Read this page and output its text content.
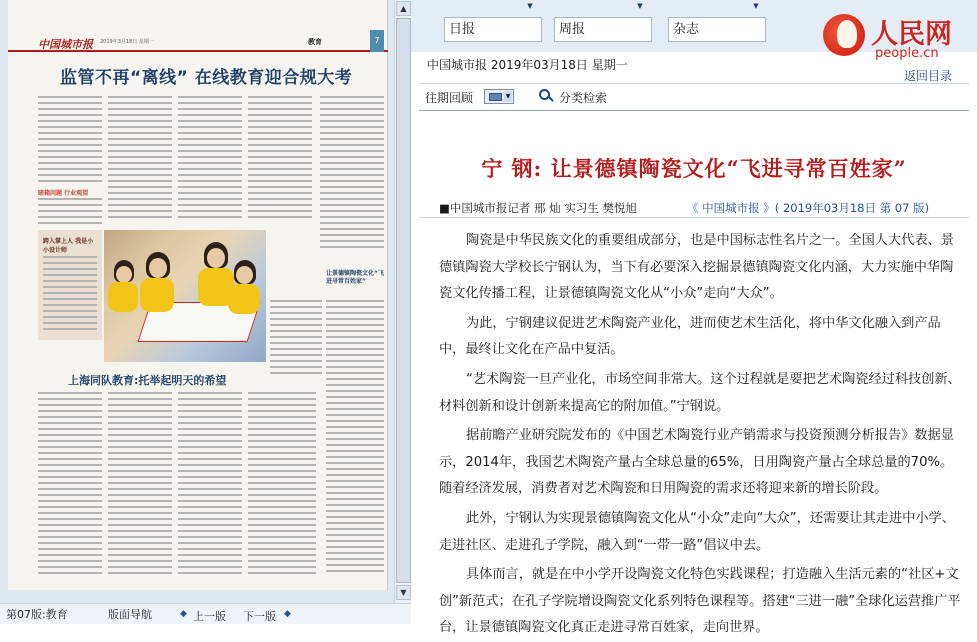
中国城市报 2019年3月18日 星期一	教育	7
监管不再“离线” 在线教育迎合规大考
暗箱问题 行业观望
跨入掌上人 我是小小设计师
让景德镇陶瓷文化“飞进寻常百姓家”
上海同队教育:托举起明天的希望
▲
▼
第07版:教育	版面导航	◆ 上一版 下一版 ◆
▼	▼	▼
日报	周报	杂志	人民网
people.cn
中国城市报 2019年03月18日 星期一
返回目录
往期回顾	▼	分类检索
宁 钢: 让景德镇陶瓷文化“飞进寻常百姓家”
■中国城市报记者 邢 灿 实习生 樊悦旭	《 中国城市报 》( 2019年03月18日 第 07 版)

陶瓷是中华民族文化的重要组成部分，也是中国标志性名片之一。全国人大代表、景德镇陶瓷大学校长宁钢认为，当下有必要深入挖掘景德镇陶瓷文化内涵，大力实施中华陶瓷文化传播工程，让景德镇陶瓷文化从“小众”走向“大众”。

为此，宁钢建议促进艺术陶瓷产业化，进而使艺术生活化，将中华文化融入到产品中，最终让文化在产品中复活。

“艺术陶瓷一旦产业化，市场空间非常大。这个过程就是要把艺术陶瓷经过科技创新、材料创新和设计创新来提高它的附加值。”宁钢说。

据前瞻产业研究院发布的《中国艺术陶瓷行业产销需求与投资预测分析报告》数据显示，2014年，我国艺术陶瓷产量占全球总量的65%，日用陶瓷产量占全球总量的70%。随着经济发展，消费者对艺术陶瓷和日用陶瓷的需求还将迎来新的增长阶段。

此外，宁钢认为实现景德镇陶瓷文化从“小众”走向“大众”，还需要让其走进中小学、走进社区、走进孔子学院，融入到“一带一路”倡议中去。

具体而言，就是在中小学开设陶瓷文化特色实践课程；打造融入生活元素的“社区+文创”新范式；在孔子学院增设陶瓷文化系列特色课程等。搭建“三进一融”全球化运营推广平台，让景德镇陶瓷文化真正走进寻常百姓家，走向世界。
